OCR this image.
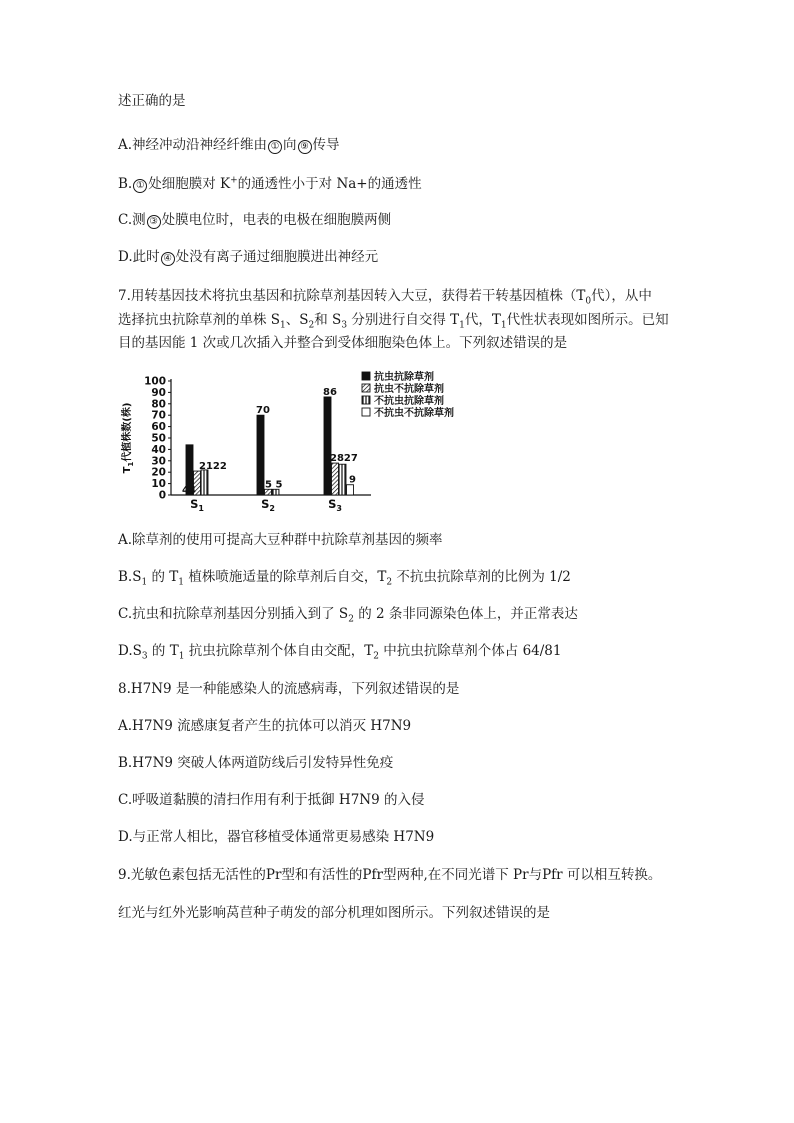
述正确的是
A.神经冲动沿神经纤维由 ① 向 ⑨ 传导
B. ① 处细胞膜对 K+的通透性小于对 Na+的通透性
C.测 ③ 处膜电位时，电表的电极在细胞膜两侧
D.此时 ④ 处没有离子通过细胞膜进出神经元
7.用转基因技术将抗虫基因和抗除草剂基因转入大豆，获得若干转基因植株（$T_0$代），从中
选择抗虫抗除草剂的单株 $S_1$、$S_2$和 $S_3$ 分别进行自交得 $T_1$代，$T_1$代性状表现如图所示。已知
目的基因能 1 次或几次插入并整合到受体细胞染色体上。下列叙述错误的是
A.除草剂的使用可提高大豆种群中抗除草剂基因的频率
$B.S_1$ 的 $T_1$ 植株喷施适量的除草剂后自交，$T_2$ 不抗虫抗除草剂的比例为 1/2
C.抗虫和抗除草剂基因分别插入到了 $S_2$ 的 2 条非同源染色体上，并正常表达
$D.S_3$ 的 $T_1$ 抗虫抗除草剂个体自由交配，$T_2$ 中抗虫抗除草剂个体占 64/81
8.H7N9 是一种能感染人的流感病毒，下列叙述错误的是
A.H7N9 流感康复者产生的抗体可以消灭 H7N9
B.H7N9 突破人体两道防线后引发特异性免疫
C.呼吸道黏膜的清扫作用有利于抵御 H7N9 的入侵
D.与正常人相比，器官移植受体通常更易感染 H7N9
9.光敏色素包括无活性的Pr型和有活性的Pfr型两种,在不同光谱下 Pr与Pfr 可以相互转换。
红光与红外光影响莴苣种子萌发的部分机理如图所示。下列叙述错误的是
0
10
20
30
40
50
60
70
80
90
100
$T_1$代植株数(株)
44
2122
70
5 5
86
2827
9
$S_1$	$S_2$	$S_3$
抗虫抗除草剂
抗虫不抗除草剂
不抗虫抗除草剂
不抗虫不抗除草剂
